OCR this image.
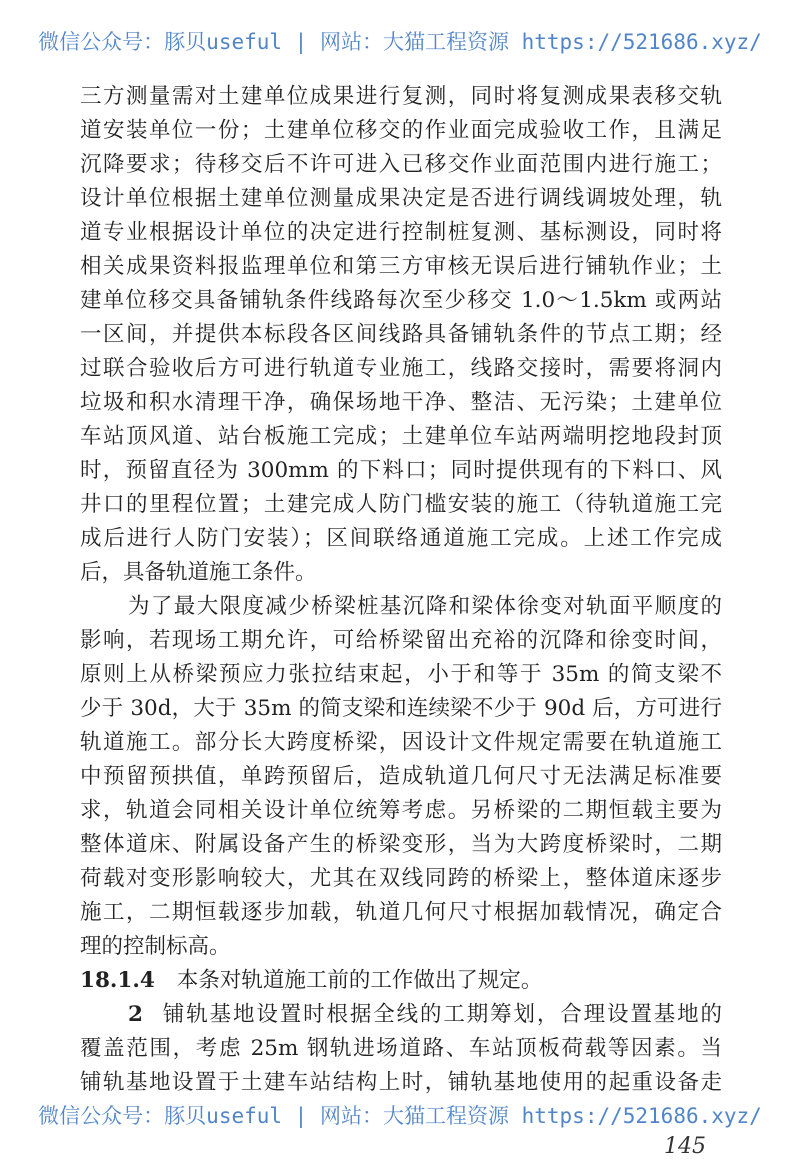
微信公众号：豚贝useful | 网站：大猫工程资源 https://521686.xyz/
三方测量需对土建单位成果进行复测，同时将复测成果表移交轨
道安装单位一份；土建单位移交的作业面完成验收工作，且满足
沉降要求；待移交后不许可进入已移交作业面范围内进行施工；
设计单位根据土建单位测量成果决定是否进行调线调坡处理，轨
道专业根据设计单位的决定进行控制桩复测、基标测设，同时将
相关成果资料报监理单位和第三方审核无误后进行铺轨作业；土
建单位移交具备铺轨条件线路每次至少移交 1.0～1.5km 或两站
一区间，并提供本标段各区间线路具备铺轨条件的节点工期；经
过联合验收后方可进行轨道专业施工，线路交接时，需要将洞内
垃圾和积水清理干净，确保场地干净、整洁、无污染；土建单位
车站顶风道、站台板施工完成；土建单位车站两端明挖地段封顶
时，预留直径为 300mm 的下料口；同时提供现有的下料口、风
井口的里程位置；土建完成人防门槛安装的施工（待轨道施工完
成后进行人防门安装）；区间联络通道施工完成。上述工作完成
后，具备轨道施工条件。
为了最大限度减少桥梁桩基沉降和梁体徐变对轨面平顺度的
影响，若现场工期允许，可给桥梁留出充裕的沉降和徐变时间，
原则上从桥梁预应力张拉结束起，小于和等于 35m 的简支梁不
少于 30d，大于 35m 的简支梁和连续梁不少于 90d 后，方可进行
轨道施工。部分长大跨度桥梁，因设计文件规定需要在轨道施工
中预留预拱值，单跨预留后，造成轨道几何尺寸无法满足标准要
求，轨道会同相关设计单位统筹考虑。另桥梁的二期恒载主要为
整体道床、附属设备产生的桥梁变形，当为大跨度桥梁时，二期
荷载对变形影响较大，尤其在双线同跨的桥梁上，整体道床逐步
施工，二期恒载逐步加载，轨道几何尺寸根据加载情况，确定合
理的控制标高。
18.1.4 本条对轨道施工前的工作做出了规定。
2 铺轨基地设置时根据全线的工期筹划，合理设置基地的
覆盖范围，考虑 25m 钢轨进场道路、车站顶板荷载等因素。当
铺轨基地设置于土建车站结构上时，铺轨基地使用的起重设备走
微信公众号：豚贝useful | 网站：大猫工程资源 https://521686.xyz/
145
